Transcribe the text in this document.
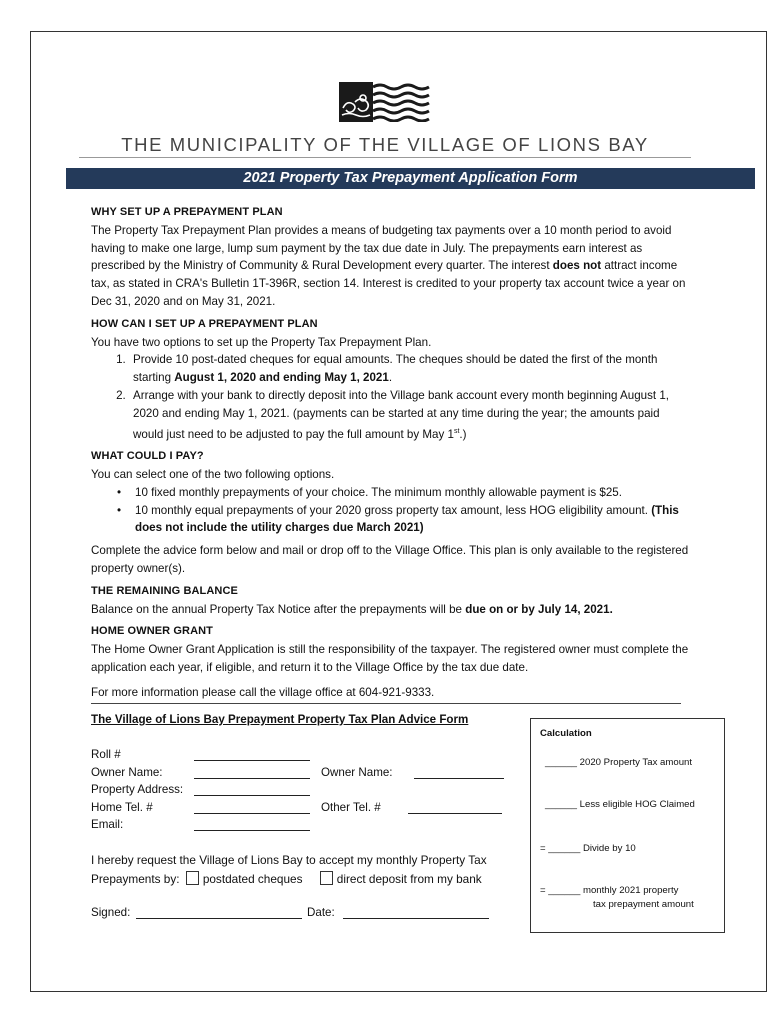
THE MUNICIPALITY OF THE VILLAGE OF LIONS BAY
2021 Property Tax Prepayment Application Form
WHY SET UP A PREPAYMENT PLAN

The Property Tax Prepayment Plan provides a means of budgeting tax payments over a 10 month period to avoid having to make one large, lump sum payment by the tax due date in July. The prepayments earn interest as prescribed by the Ministry of Community & Rural Development every quarter. The interest does not attract income tax, as stated in CRA's Bulletin 1T-396R, section 14. Interest is credited to your property tax account twice a year on Dec 31, 2020 and on May 31, 2021.

HOW CAN I SET UP A PREPAYMENT PLAN

You have two options to set up the Property Tax Prepayment Plan.

1. Provide 10 post-dated cheques for equal amounts. The cheques should be dated the first of the month starting August 1, 2020 and ending May 1, 2021.
2. Arrange with your bank to directly deposit into the Village bank account every month beginning August 1, 2020 and ending May 1, 2021. (payments can be started at any time during the year; the amounts paid would just need to be adjusted to pay the full amount by May 1st.)
WHAT COULD I PAY?

You can select one of the two following options.

• 10 fixed monthly prepayments of your choice. The minimum monthly allowable payment is $25.
• 10 monthly equal prepayments of your 2020 gross property tax amount, less HOG eligibility amount. (This does not include the utility charges due March 2021)

Complete the advice form below and mail or drop off to the Village Office. This plan is only available to the registered property owner(s).

THE REMAINING BALANCE

Balance on the annual Property Tax Notice after the prepayments will be due on or by July 14, 2021.

HOME OWNER GRANT

The Home Owner Grant Application is still the responsibility of the taxpayer. The registered owner must complete the application each year, if eligible, and return it to the Village Office by the tax due date.

For more information please call the village office at 604-921-9333.
The Village of Lions Bay Prepayment Property Tax Plan Advice Form
Roll #
Owner Name:	Owner Name:
Property Address:
Home Tel. #	Other Tel. #
Email:
I hereby request the Village of Lions Bay to accept my monthly Property Tax
Prepayments by: postdated cheques	direct deposit from my bank
Signed:	Date:
Calculation
______ 2020 Property Tax amount
______ Less eligible HOG Claimed
= ______ Divide by 10
= ______ monthly 2021 property
tax prepayment amount
